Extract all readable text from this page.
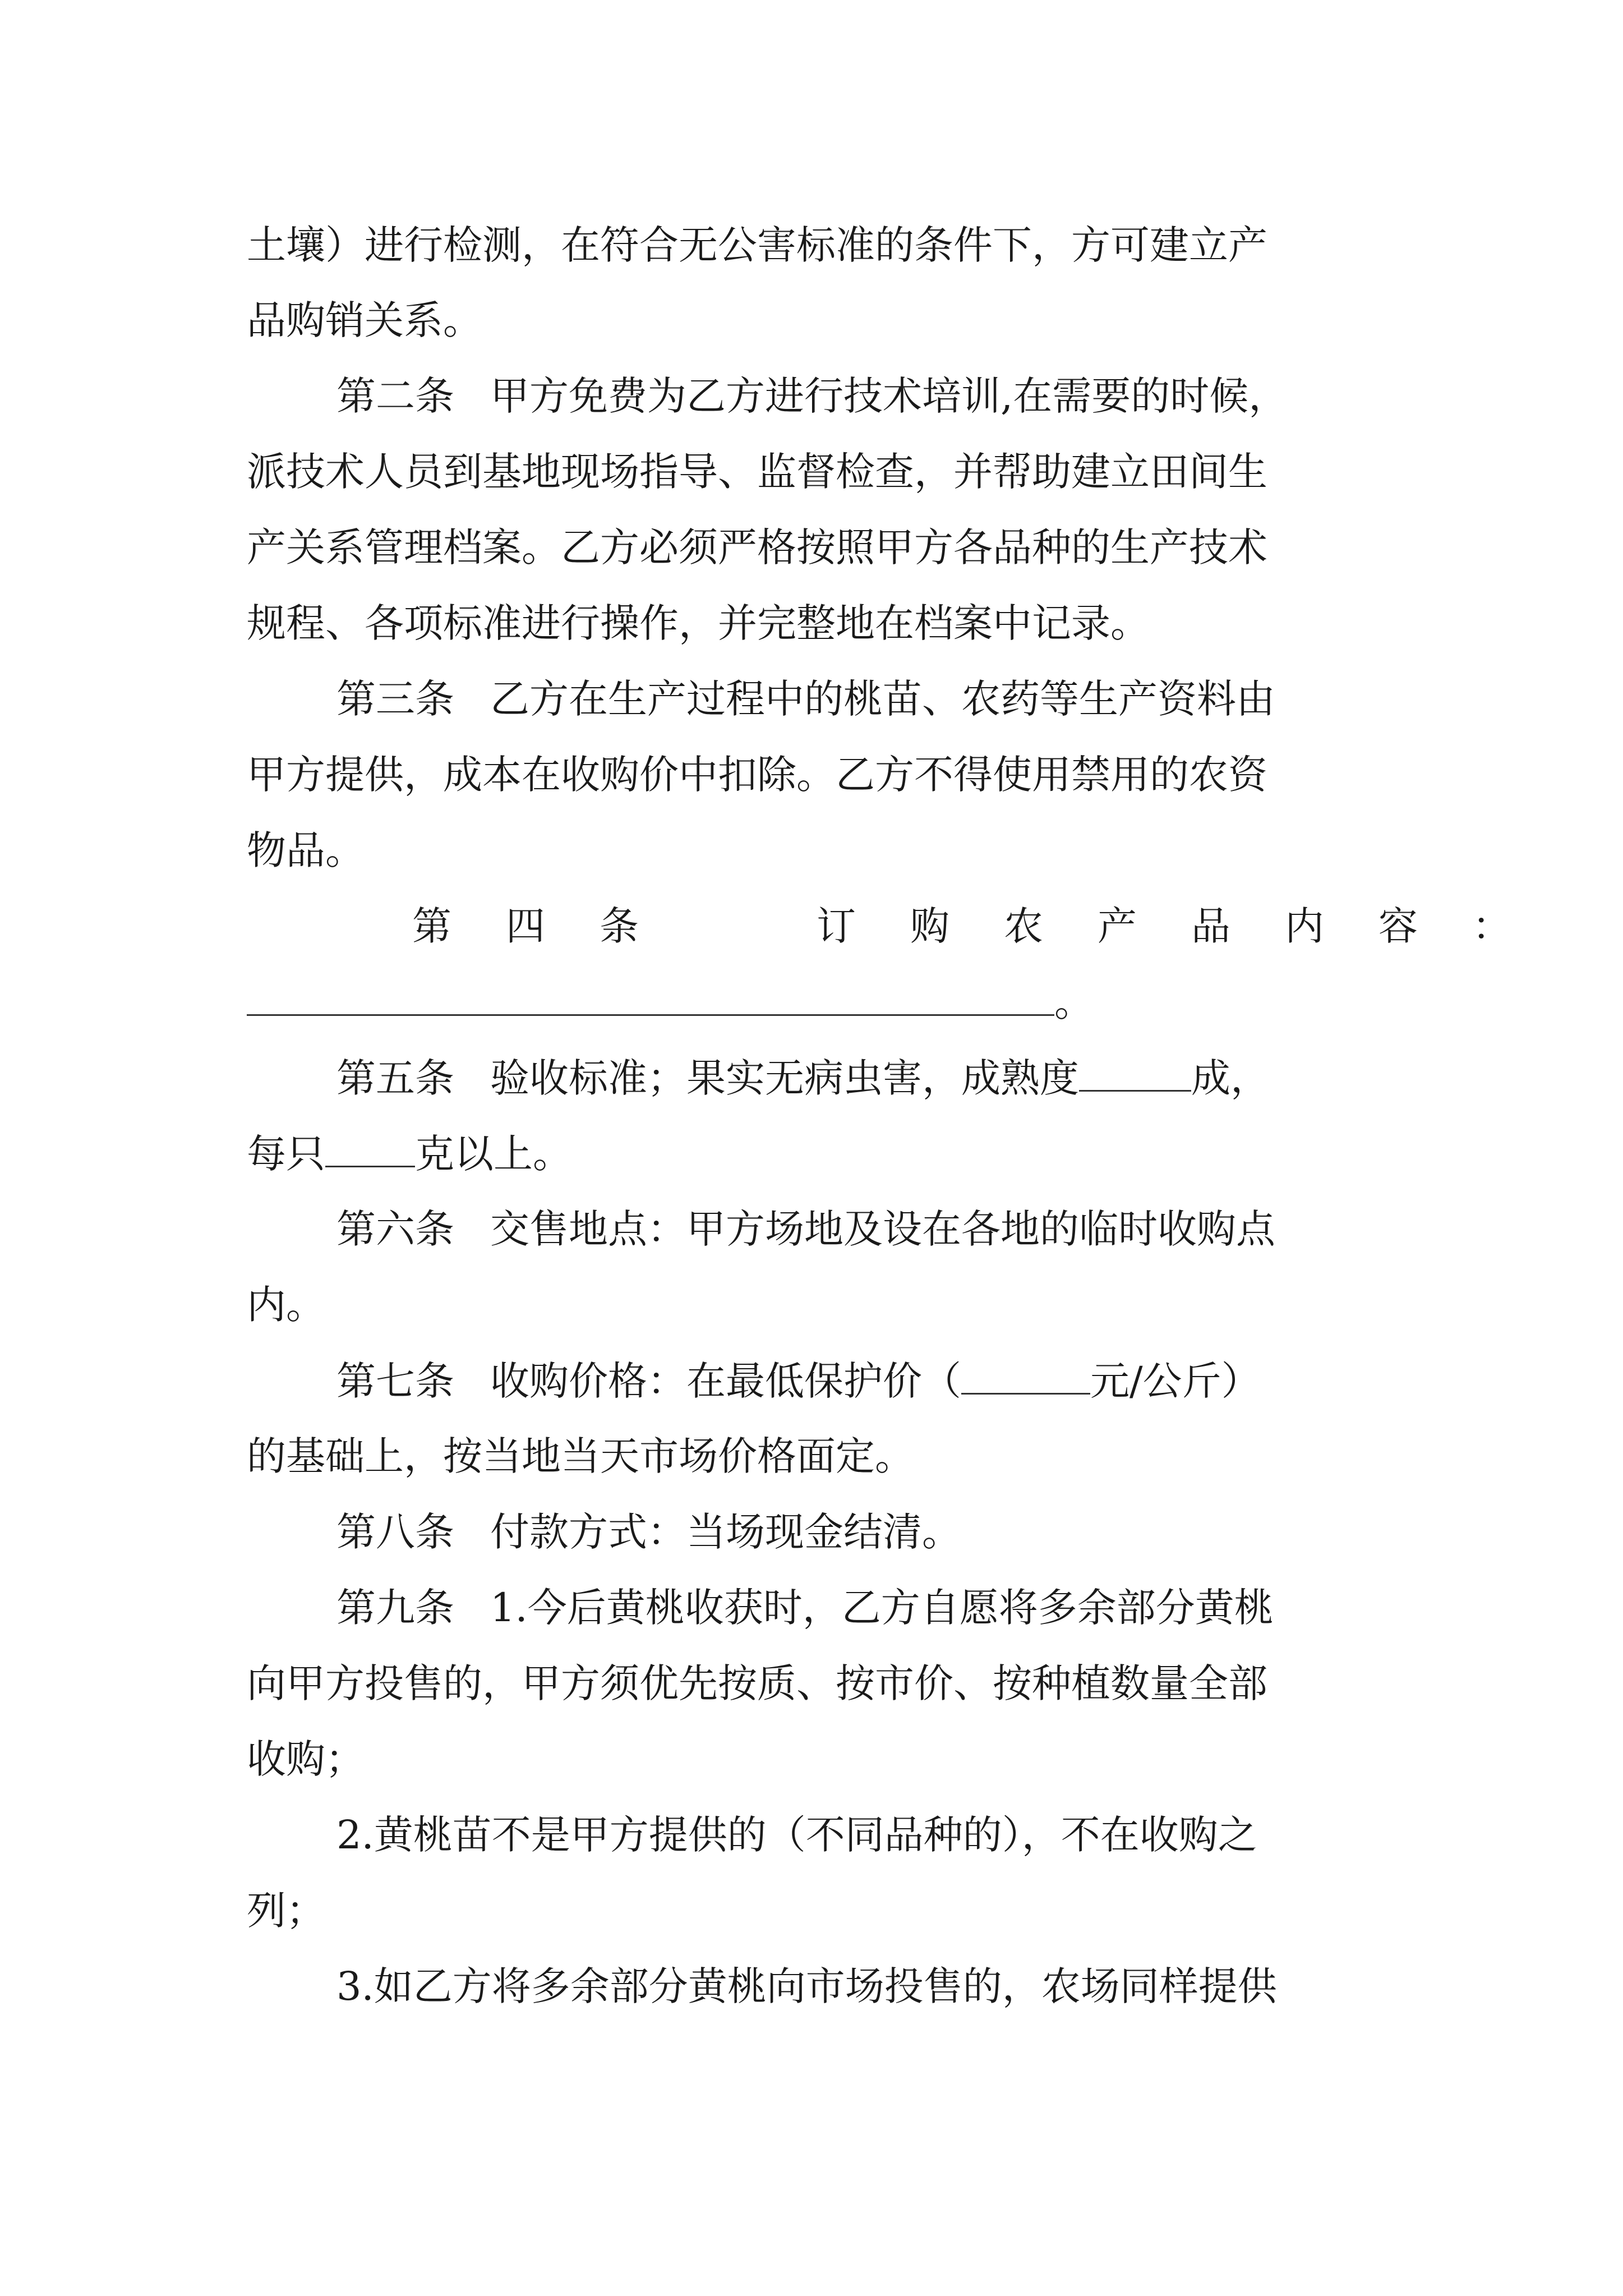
土壤）进行检测，在符合无公害标准的条件下，方可建立产

品购销关系。

第二条 甲方免费为乙方进行技术培训,在需要的时候，

派技术人员到基地现场指导、监督检查，并帮助建立田间生

产关系管理档案。乙方必须严格按照甲方各品种的生产技术

规程、各项标准进行操作，并完整地在档案中记录。

第三条 乙方在生产过程中的桃苗、农药等生产资料由

甲方提供，成本在收购价中扣除。乙方不得使用禁用的农资

物品。

第四条	订购农产品内容：

。

第五条 验收标准；果实无病虫害，成熟度	成，

每只 克以上。

第六条 交售地点：甲方场地及设在各地的临时收购点

内。

第七条 收购价格：在最低保护价（	元/公斤）

的基础上，按当地当天市场价格面定。

第八条 付款方式：当场现金结清。

第九条 1.今后黄桃收获时，乙方自愿将多余部分黄桃

向甲方投售的，甲方须优先按质、按市价、按种植数量全部

收购；

2.黄桃苗不是甲方提供的（不同品种的），不在收购之

列；

3.如乙方将多余部分黄桃向市场投售的，农场同样提供
